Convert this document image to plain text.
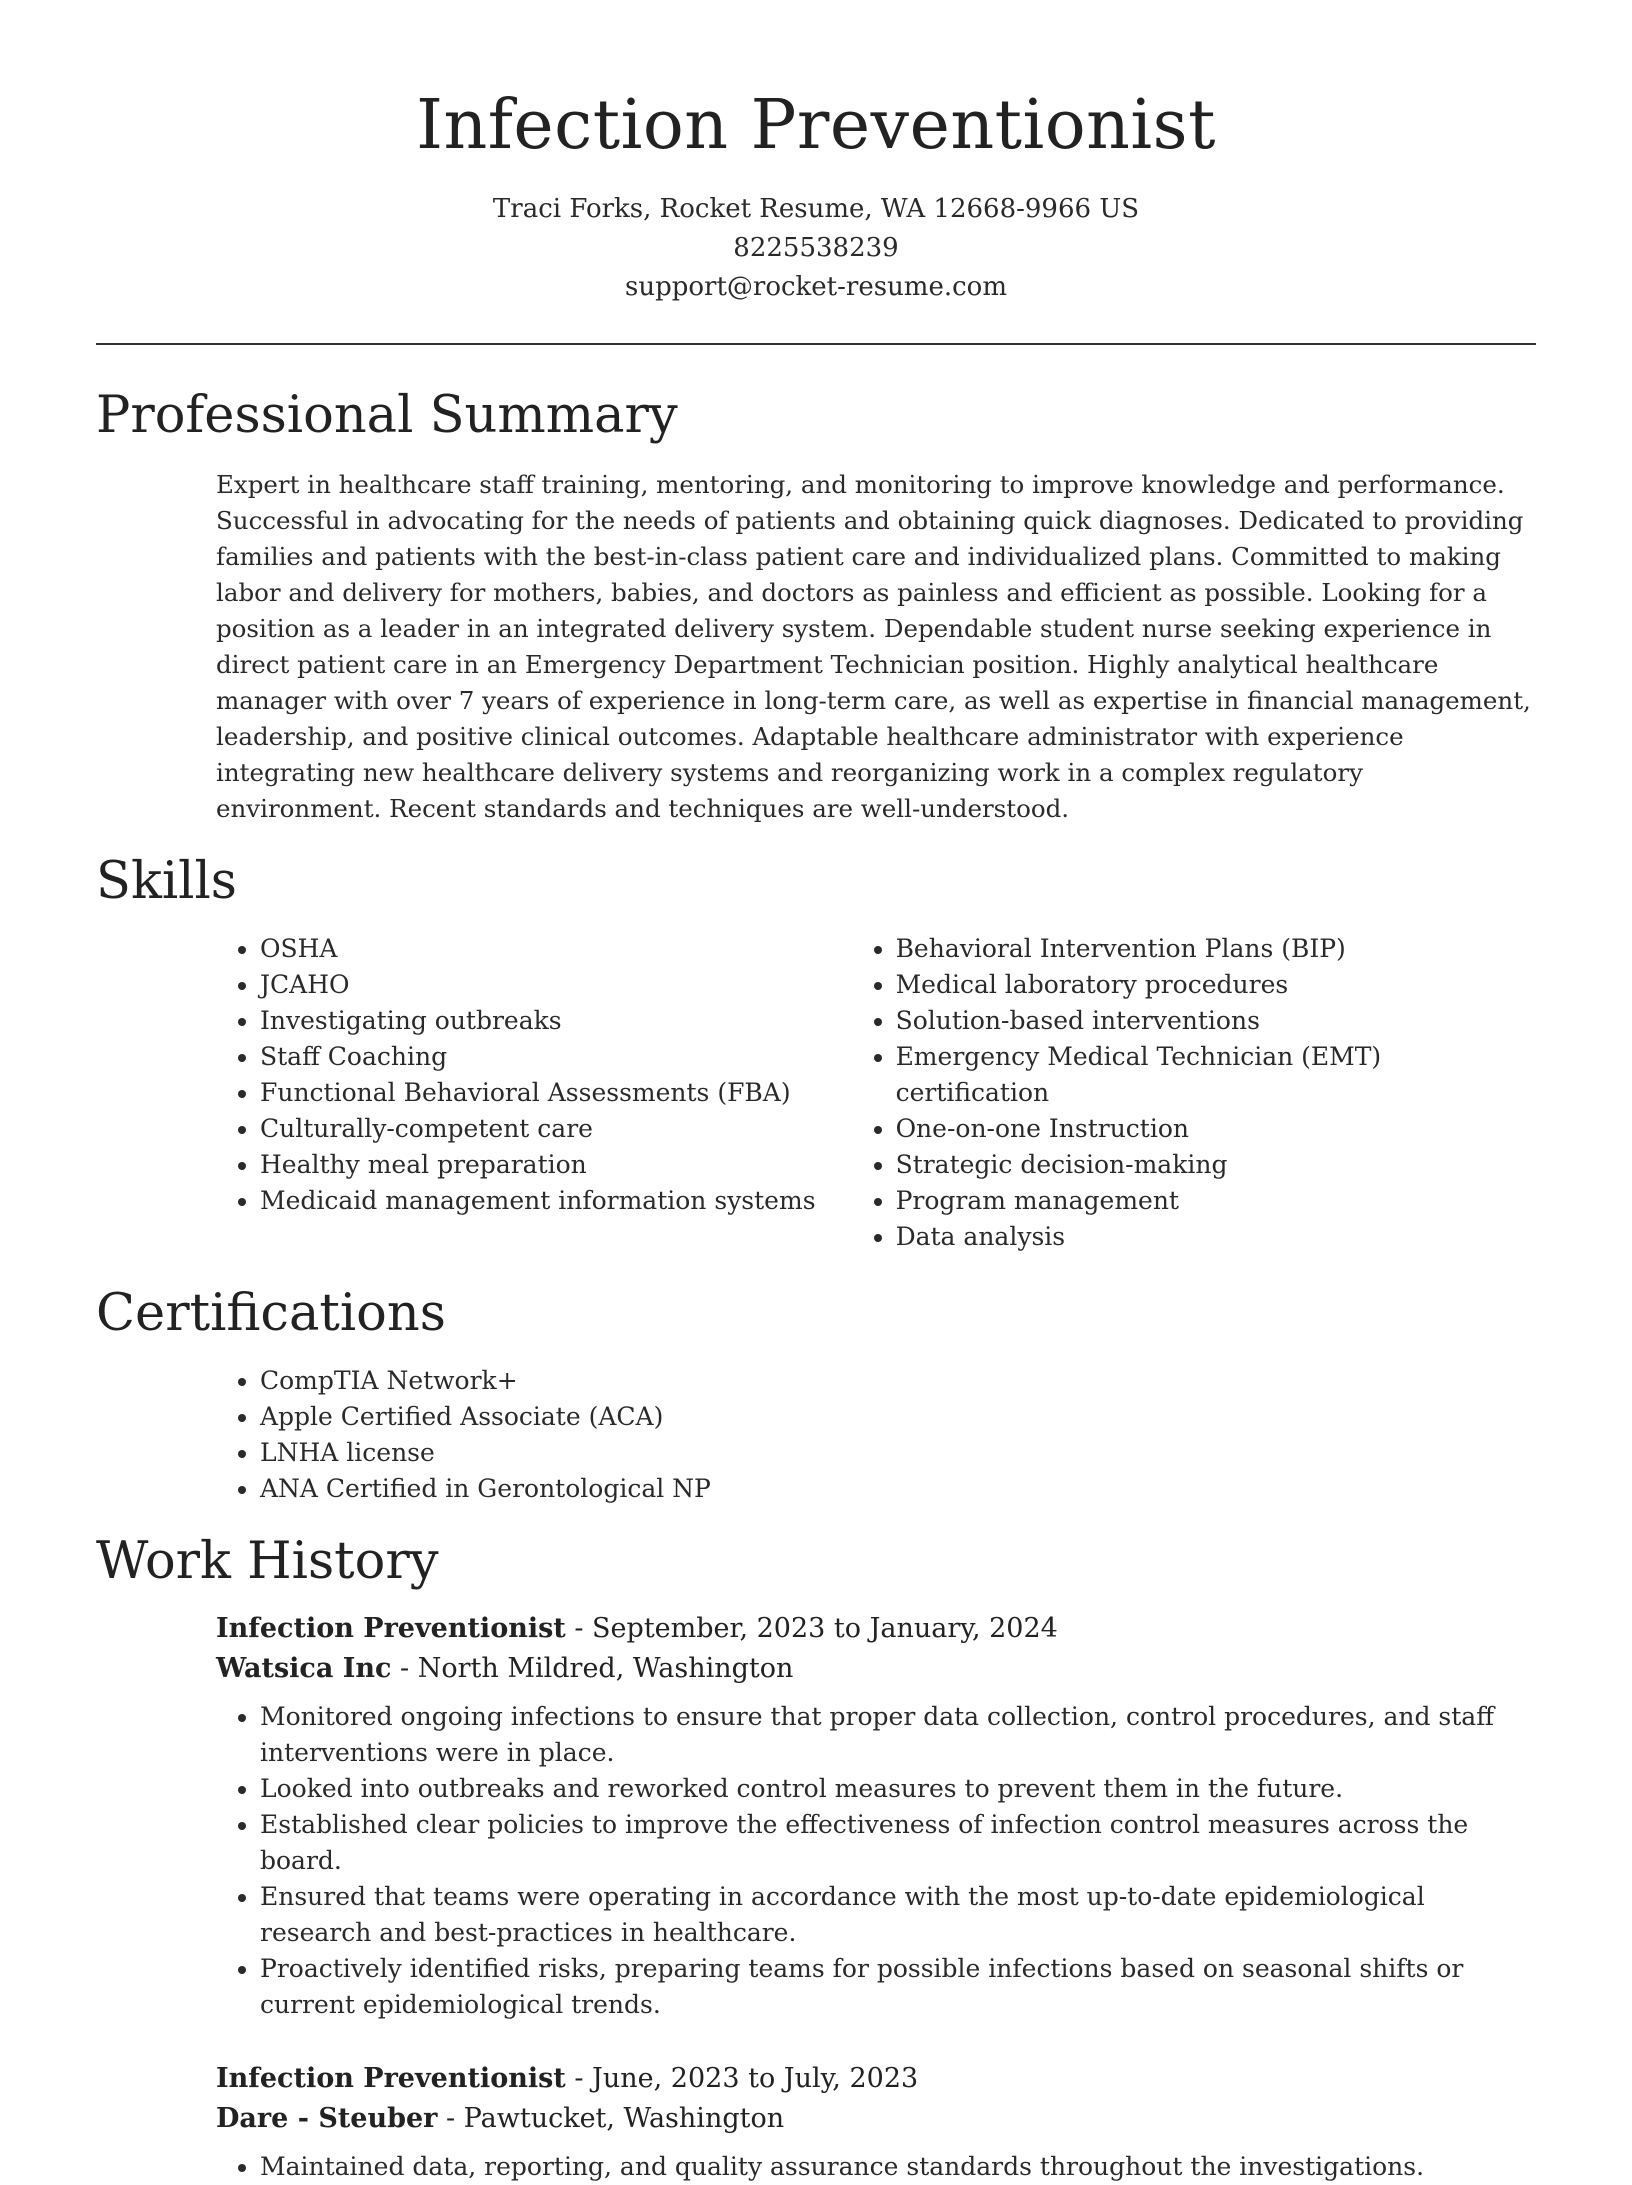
Infection Preventionist
Traci Forks, Rocket Resume, WA 12668-9966 US
8225538239
support@rocket-resume.com
Professional Summary
Expert in healthcare staff training, mentoring, and monitoring to improve knowledge and performance. Successful in advocating for the needs of patients and obtaining quick diagnoses. Dedicated to providing families and patients with the best-in-class patient care and individualized plans. Committed to making labor and delivery for mothers, babies, and doctors as painless and efficient as possible. Looking for a position as a leader in an integrated delivery system. Dependable student nurse seeking experience in direct patient care in an Emergency Department Technician position. Highly analytical healthcare manager with over 7 years of experience in long-term care, as well as expertise in financial management, leadership, and positive clinical outcomes. Adaptable healthcare administrator with experience integrating new healthcare delivery systems and reorganizing work in a complex regulatory environment. Recent standards and techniques are well-understood.
Skills
• OSHA
• JCAHO
• Investigating outbreaks
• Staff Coaching
• Functional Behavioral Assessments (FBA)
• Culturally-competent care
• Healthy meal preparation
• Medicaid management information systems
• Behavioral Intervention Plans (BIP)
• Medical laboratory procedures
• Solution-based interventions
• Emergency Medical Technician (EMT) certification
• One-on-one Instruction
• Strategic decision-making
• Program management
• Data analysis
Certifications
• CompTIA Network+
• Apple Certified Associate (ACA)
• LNHA license
• ANA Certified in Gerontological NP
Work History
Infection Preventionist - September, 2023 to January, 2024
Watsica Inc - North Mildred, Washington
• Monitored ongoing infections to ensure that proper data collection, control procedures, and staff interventions were in place.
• Looked into outbreaks and reworked control measures to prevent them in the future.
• Established clear policies to improve the effectiveness of infection control measures across the board.
• Ensured that teams were operating in accordance with the most up-to-date epidemiological research and best-practices in healthcare.
• Proactively identified risks, preparing teams for possible infections based on seasonal shifts or current epidemiological trends.
Infection Preventionist - June, 2023 to July, 2023
Dare - Steuber - Pawtucket, Washington
• Maintained data, reporting, and quality assurance standards throughout the investigations.
